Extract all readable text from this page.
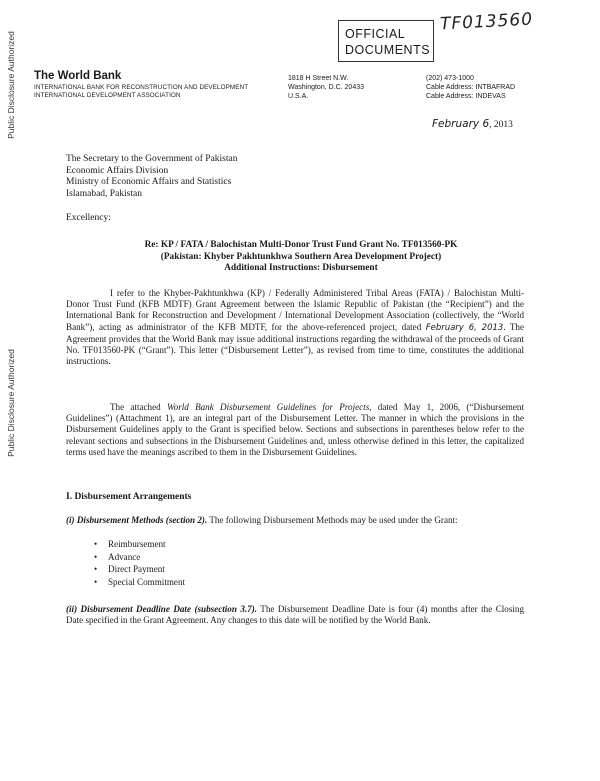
Public Disclosure Authorized
Public Disclosure Authorized
OFFICIAL
DOCUMENTS
TF013560
The World Bank
INTERNATIONAL BANK FOR RECONSTRUCTION AND DEVELOPMENT
INTERNATIONAL DEVELOPMENT ASSOCIATION
1818 H Street N.W.
Washington, D.C. 20433
U.S.A.
(202) 473-1000
Cable Address: INTBAFRAD
Cable Address: INDEVAS
February 6, 2013
The Secretary to the Government of Pakistan
Economic Affairs Division
Ministry of Economic Affairs and Statistics
Islamabad, Pakistan
Excellency:
Re: KP / FATA / Balochistan Multi-Donor Trust Fund Grant No. TF013560-PK
(Pakistan: Khyber Pakhtunkhwa Southern Area Development Project)
Additional Instructions: Disbursement
I refer to the Khyber-Pakhtunkhwa (KP) / Federally Administered Tribal Areas (FATA) / Balochistan Multi-Donor Trust Fund (KFB MDTF) Grant Agreement between the Islamic Republic of Pakistan (the “Recipient”) and the International Bank for Reconstruction and Development / International Development Association (collectively, the “World Bank”), acting as administrator of the KFB MDTF, for the above-referenced project, dated February 6, 2013. The Agreement provides that the World Bank may issue additional instructions regarding the withdrawal of the proceeds of Grant No. TF013560-PK (“Grant”). This letter (“Disbursement Letter”), as revised from time to time, constitutes the additional instructions.
The attached World Bank Disbursement Guidelines for Projects, dated May 1, 2006, (“Disbursement Guidelines”) (Attachment 1), are an integral part of the Disbursement Letter. The manner in which the provisions in the Disbursement Guidelines apply to the Grant is specified below. Sections and subsections in parentheses below refer to the relevant sections and subsections in the Disbursement Guidelines and, unless otherwise defined in this letter, the capitalized terms used have the meanings ascribed to them in the Disbursement Guidelines.
I. Disbursement Arrangements
(i) Disbursement Methods (section 2). The following Disbursement Methods may be used under the Grant:
• Reimbursement
• Advance
• Direct Payment
• Special Commitment
(ii) Disbursement Deadline Date (subsection 3.7). The Disbursement Deadline Date is four (4) months after the Closing Date specified in the Grant Agreement. Any changes to this date will be notified by the World Bank.
